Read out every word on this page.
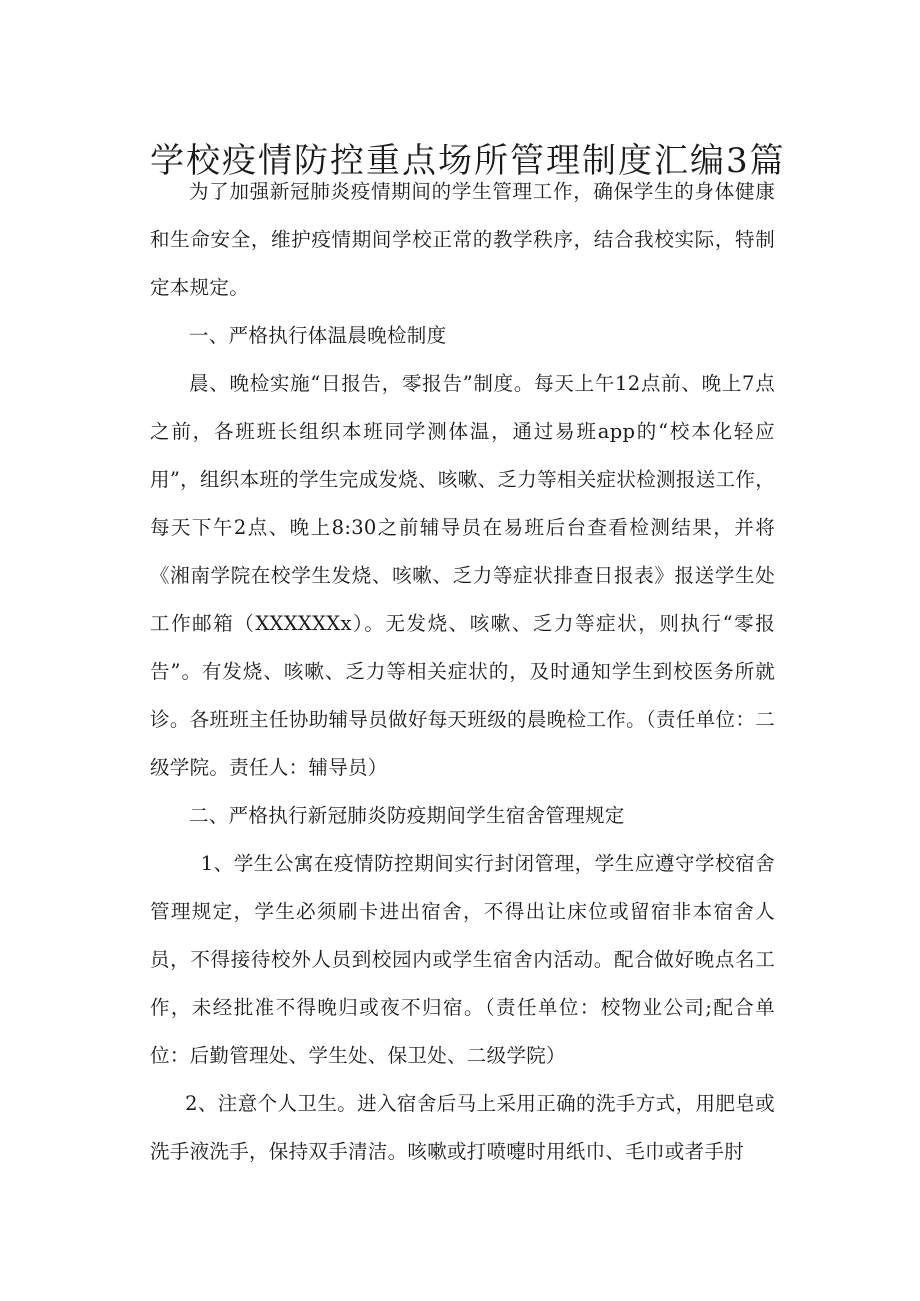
学校疫情防控重点场所管理制度汇编3篇

为了加强新冠肺炎疫情期间的学生管理工作，确保学生的身体健康和生命安全，维护疫情期间学校正常的教学秩序，结合我校实际，特制定本规定。

一、严格执行体温晨晚检制度

晨、晚检实施“日报告，零报告”制度。每天上午12点前、晚上7点之前，各班班长组织本班同学测体温，通过易班app的“校本化轻应用”，组织本班的学生完成发烧、咳嗽、乏力等相关症状检测报送工作，每天下午2点、晚上8:30之前辅导员在易班后台查看检测结果，并将《湘南学院在校学生发烧、咳嗽、乏力等症状排查日报表》报送学生处工作邮箱（XXXXXXx）。无发烧、咳嗽、乏力等症状，则执行“零报告”。有发烧、咳嗽、乏力等相关症状的，及时通知学生到校医务所就诊。各班班主任协助辅导员做好每天班级的晨晚检工作。（责任单位：二级学院。责任人：辅导员）

二、严格执行新冠肺炎防疫期间学生宿舍管理规定

1、学生公寓在疫情防控期间实行封闭管理，学生应遵守学校宿舍管理规定，学生必须刷卡进出宿舍，不得出让床位或留宿非本宿舍人员，不得接待校外人员到校园内或学生宿舍内活动。配合做好晚点名工作，未经批准不得晚归或夜不归宿。（责任单位：校物业公司;配合单位：后勤管理处、学生处、保卫处、二级学院）

2、注意个人卫生。进入宿舍后马上采用正确的洗手方式，用肥皂或洗手液洗手，保持双手清洁。咳嗽或打喷嚏时用纸巾、毛巾或者手肘
